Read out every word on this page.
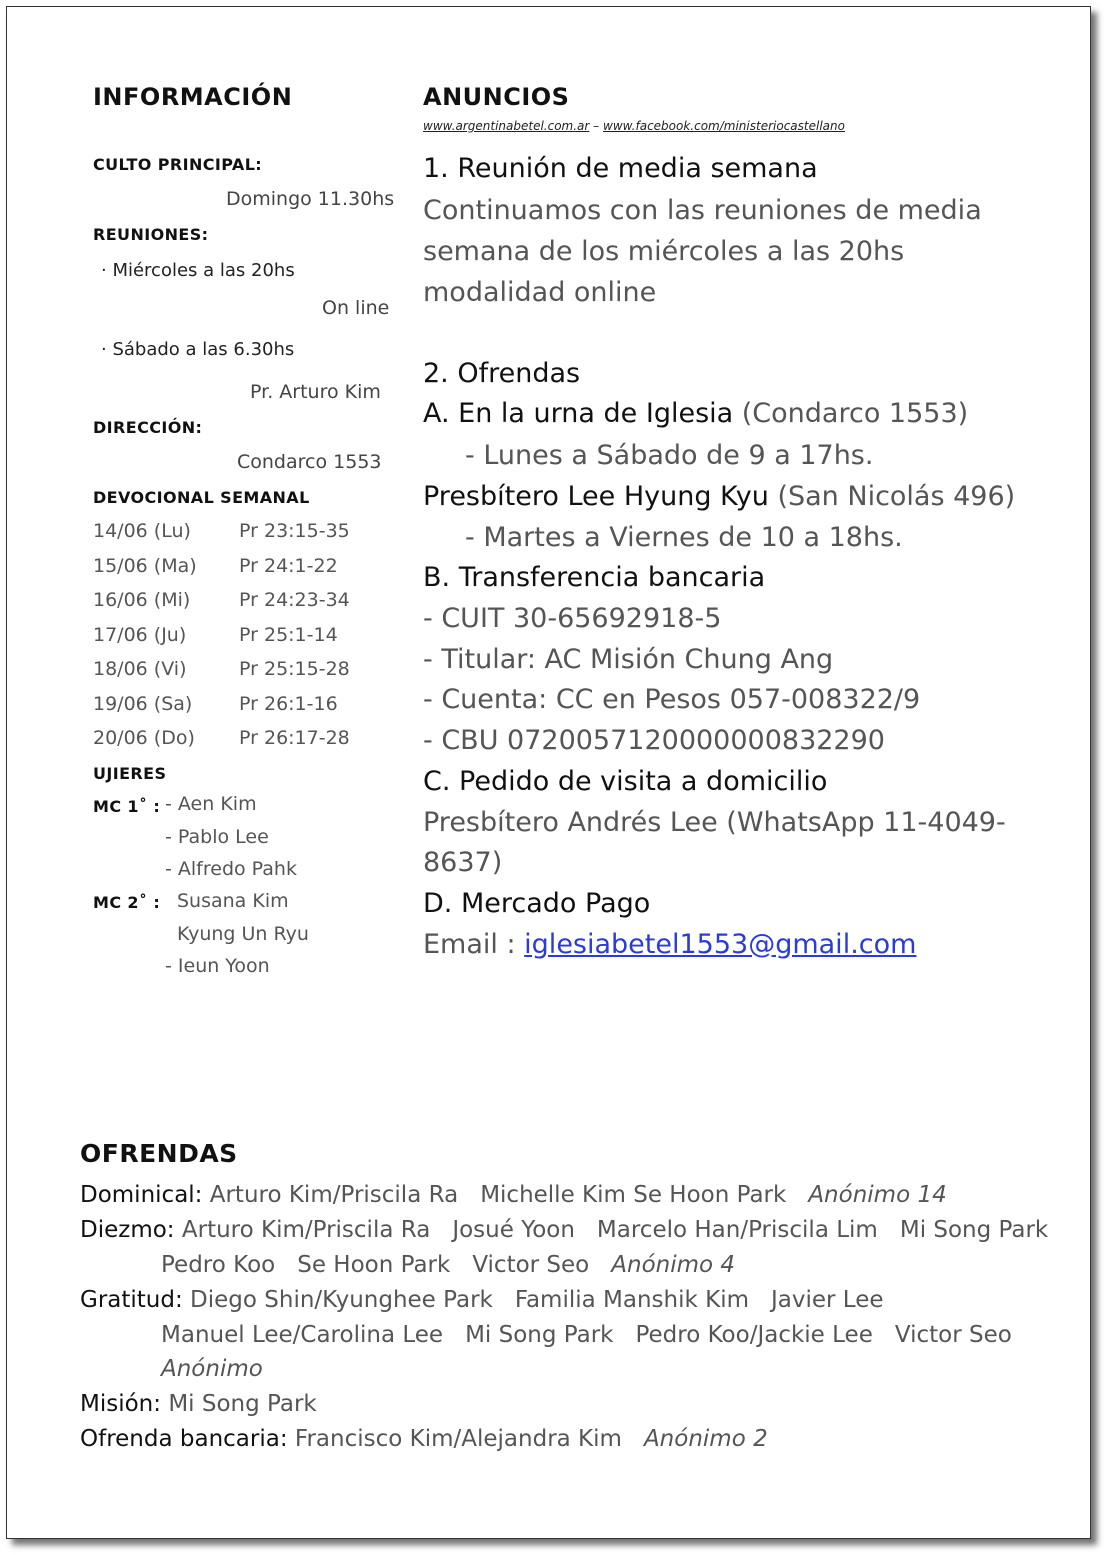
INFORMACIÓN
CULTO PRINCIPAL:
Domingo 11.30hs
REUNIONES:
· Miércoles a las 20hs
On line
· Sábado a las 6.30hs
Pr. Arturo Kim
DIRECCIÓN:
Condarco 1553
DEVOCIONAL SEMANAL
14/06 (Lu)	Pr 23:15-35
15/06 (Ma) Pr 24:1-22
16/06 (Mi)	Pr 24:23-34
17/06 (Ju)	Pr 25:1-14
18/06 (Vi)	Pr 25:15-28
19/06 (Sa) Pr 26:1-16
20/06 (Do) Pr 26:17-28
UJIERES
MC 1˚ : - Aen Kim
- Pablo Lee
- Alfredo Pahk
MC 2˚ : Susana Kim
Kyung Un Ryu
- Ieun Yoon
ANUNCIOS
www.argentinabetel.com.ar – www.facebook.com/ministeriocastellano
1. Reunión de media semana
Continuamos con las reuniones de media
semana de los miércoles a las 20hs
modalidad online
2. Ofrendas
A. En la urna de Iglesia (Condarco 1553)
- Lunes a Sábado de 9 a 17hs.
Presbítero Lee Hyung Kyu (San Nicolás 496)
- Martes a Viernes de 10 a 18hs.
B. Transferencia bancaria
- CUIT 30-65692918-5
- Titular: AC Misión Chung Ang
- Cuenta: CC en Pesos 057-008322/9
- CBU 0720057120000000832290
C. Pedido de visita a domicilio
Presbítero Andrés Lee (WhatsApp 11-4049-
8637)
D. Mercado Pago
Email : iglesiabetel1553@gmail.com
OFRENDAS
Dominical: Arturo Kim/Priscila Ra Michelle Kim Se Hoon Park Anónimo 14
Diezmo: Arturo Kim/Priscila Ra Josué Yoon Marcelo Han/Priscila Lim Mi Song Park
Pedro Koo Se Hoon Park Victor Seo Anónimo 4
Gratitud: Diego Shin/Kyunghee Park Familia Manshik Kim Javier Lee
Manuel Lee/Carolina Lee Mi Song Park Pedro Koo/Jackie Lee Victor Seo
Anónimo
Misión: Mi Song Park
Ofrenda bancaria: Francisco Kim/Alejandra Kim Anónimo 2
